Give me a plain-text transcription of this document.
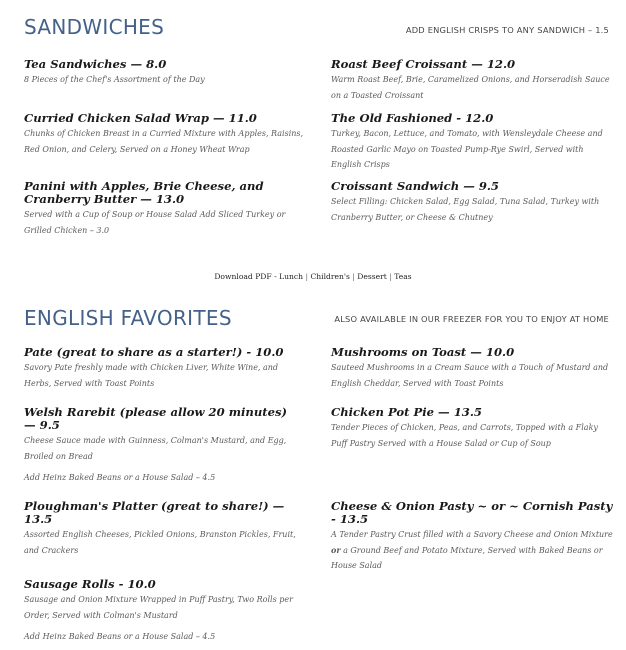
SANDWICHES	ADD ENGLISH CRISPS TO ANY SANDWICH – 1.5
Tea Sandwiches — 8.0
8 Pieces of the Chef's Assortment of the Day
Curried Chicken Salad Wrap — 11.0
Chunks of Chicken Breast in a Curried Mixture with Apples, Raisins, Red Onion, and Celery, Served on a Honey Wheat Wrap
Panini with Apples, Brie Cheese, and Cranberry Butter — 13.0
Served with a Cup of Soup or House Salad Add Sliced Turkey or Grilled Chicken – 3.0
Roast Beef Croissant — 12.0
Warm Roast Beef, Brie, Caramelized Onions, and Horseradish Sauce on a Toasted Croissant
The Old Fashioned - 12.0
Turkey, Bacon, Lettuce, and Tomato, with Wensleydale Cheese and Roasted Garlic Mayo on Toasted Pump-Rye Swirl, Served with English Crisps
Croissant Sandwich — 9.5
Select Filling: Chicken Salad, Egg Salad, Tuna Salad, Turkey with Cranberry Butter, or Cheese & Chutney
Download PDF - Lunch | Children's | Dessert | Teas
ENGLISH FAVORITES	ALSO AVAILABLE IN OUR FREEZER FOR YOU TO ENJOY AT HOME
Pate (great to share as a starter!) - 10.0
Savory Pate freshly made with Chicken Liver, White Wine, and Herbs, Served with Toast Points
Welsh Rarebit (please allow 20 minutes) — 9.5
Cheese Sauce made with Guinness, Colman's Mustard, and Egg, Broiled on Bread
Add Heinz Baked Beans or a House Salad – 4.5
Ploughman's Platter (great to share!) — 13.5
Assorted English Cheeses, Pickled Onions, Branston Pickles, Fruit, and Crackers
Sausage Rolls - 10.0
Sausage and Onion Mixture Wrapped in Puff Pastry, Two Rolls per Order, Served with Colman's Mustard
Add Heinz Baked Beans or a House Salad – 4.5
Mushrooms on Toast — 10.0
Sauteed Mushrooms in a Cream Sauce with a Touch of Mustard and English Cheddar, Served with Toast Points
Chicken Pot Pie — 13.5
Tender Pieces of Chicken, Peas, and Carrots, Topped with a Flaky Puff Pastry Served with a House Salad or Cup of Soup
Cheese & Onion Pasty ~ or ~ Cornish Pasty - 13.5
A Tender Pastry Crust filled with a Savory Cheese and Onion Mixture or a Ground Beef and Potato Mixture, Served with Baked Beans or House Salad
